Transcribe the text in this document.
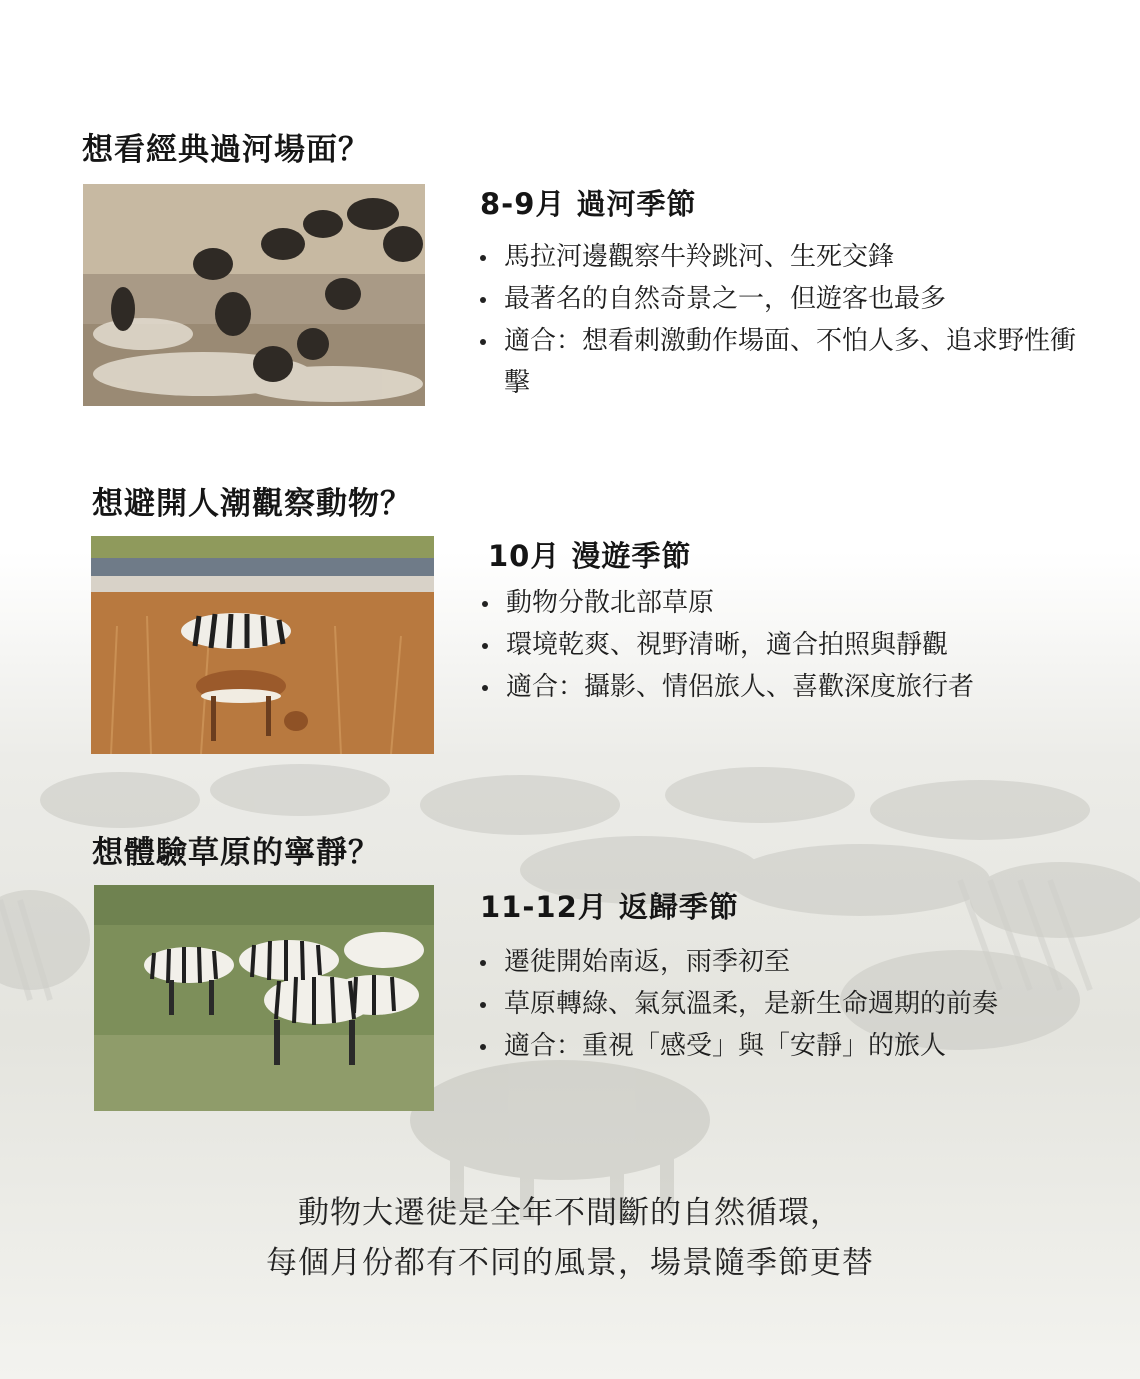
想看經典過河場面？
8-9月 過河季節
馬拉河邊觀察牛羚跳河、生死交鋒
最著名的自然奇景之一，但遊客也最多
適合：想看刺激動作場面、不怕人多、追求野性衝擊
想避開人潮觀察動物？
10月 漫遊季節
動物分散北部草原
環境乾爽、視野清晰，適合拍照與靜觀
適合：攝影、情侶旅人、喜歡深度旅行者
想體驗草原的寧靜？
11-12月 返歸季節
遷徙開始南返，雨季初至
草原轉綠、氣氛溫柔，是新生命週期的前奏
適合：重視「感受」與「安靜」的旅人

動物大遷徙是全年不間斷的自然循環，

每個月份都有不同的風景，場景隨季節更替
